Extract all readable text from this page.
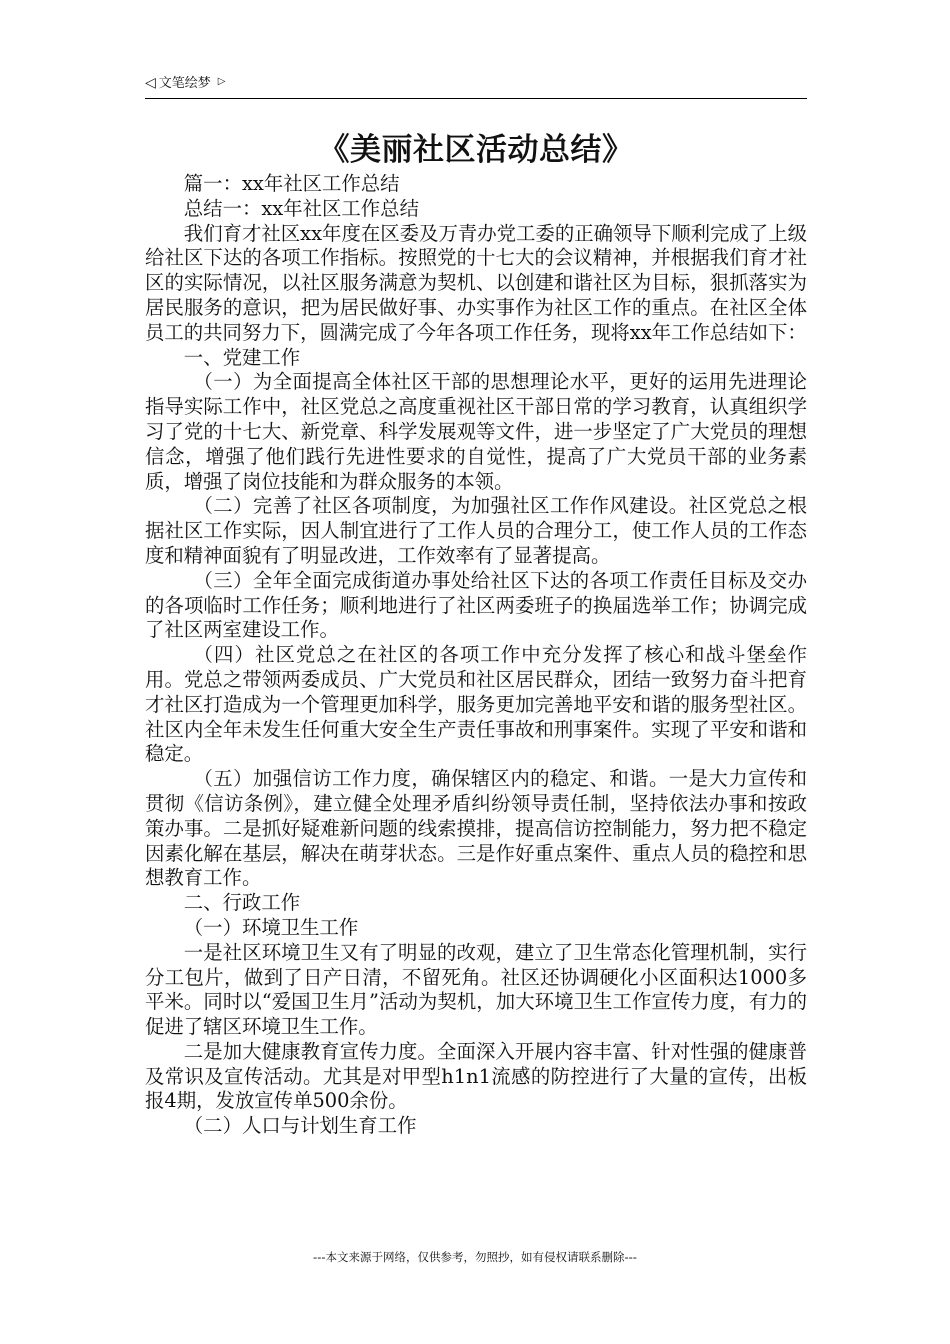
◁ 文笔绘梦 ▷
《美丽社区活动总结》

篇一：xx年社区工作总结

总结一：xx年社区工作总结

我们育才社区xx年度在区委及万青办党工委的正确领导下顺利完成了上级给社区下达的各项工作指标。按照党的十七大的会议精神，并根据我们育才社区的实际情况，以社区服务满意为契机、以创建和谐社区为目标，狠抓落实为居民服务的意识，把为居民做好事、办实事作为社区工作的重点。在社区全体员工的共同努力下，圆满完成了今年各项工作任务，现将xx年工作总结如下：

一、党建工作

（一）为全面提高全体社区干部的思想理论水平，更好的运用先进理论指导实际工作中，社区党总之高度重视社区干部日常的学习教育，认真组织学习了党的十七大、新党章、科学发展观等文件，进一步坚定了广大党员的理想信念，增强了他们践行先进性要求的自觉性，提高了广大党员干部的业务素质，增强了岗位技能和为群众服务的本领。

（二）完善了社区各项制度，为加强社区工作作风建设。社区党总之根据社区工作实际，因人制宜进行了工作人员的合理分工，使工作人员的工作态度和精神面貌有了明显改进，工作效率有了显著提高。

（三）全年全面完成街道办事处给社区下达的各项工作责任目标及交办的各项临时工作任务；顺利地进行了社区两委班子的换届选举工作；协调完成了社区两室建设工作。

（四）社区党总之在社区的各项工作中充分发挥了核心和战斗堡垒作用。党总之带领两委成员、广大党员和社区居民群众，团结一致努力奋斗把育才社区打造成为一个管理更加科学，服务更加完善地平安和谐的服务型社区。社区内全年未发生任何重大安全生产责任事故和刑事案件。实现了平安和谐和稳定。

（五）加强信访工作力度，确保辖区内的稳定、和谐。一是大力宣传和贯彻《信访条例》，建立健全处理矛盾纠纷领导责任制，坚持依法办事和按政策办事。二是抓好疑难新问题的线索摸排，提高信访控制能力，努力把不稳定因素化解在基层，解决在萌芽状态。三是作好重点案件、重点人员的稳控和思想教育工作。

二、行政工作

（一）环境卫生工作

一是社区环境卫生又有了明显的改观，建立了卫生常态化管理机制，实行分工包片，做到了日产日清，不留死角。社区还协调硬化小区面积达1000多平米。同时以“爱国卫生月”活动为契机，加大环境卫生工作宣传力度，有力的促进了辖区环境卫生工作。

二是加大健康教育宣传力度。全面深入开展内容丰富、针对性强的健康普及常识及宣传活动。尤其是对甲型h1n1流感的防控进行了大量的宣传，出板报4期，发放宣传单500余份。

（二）人口与计划生育工作

---本文来源于网络，仅供参考，勿照抄，如有侵权请联系删除---
